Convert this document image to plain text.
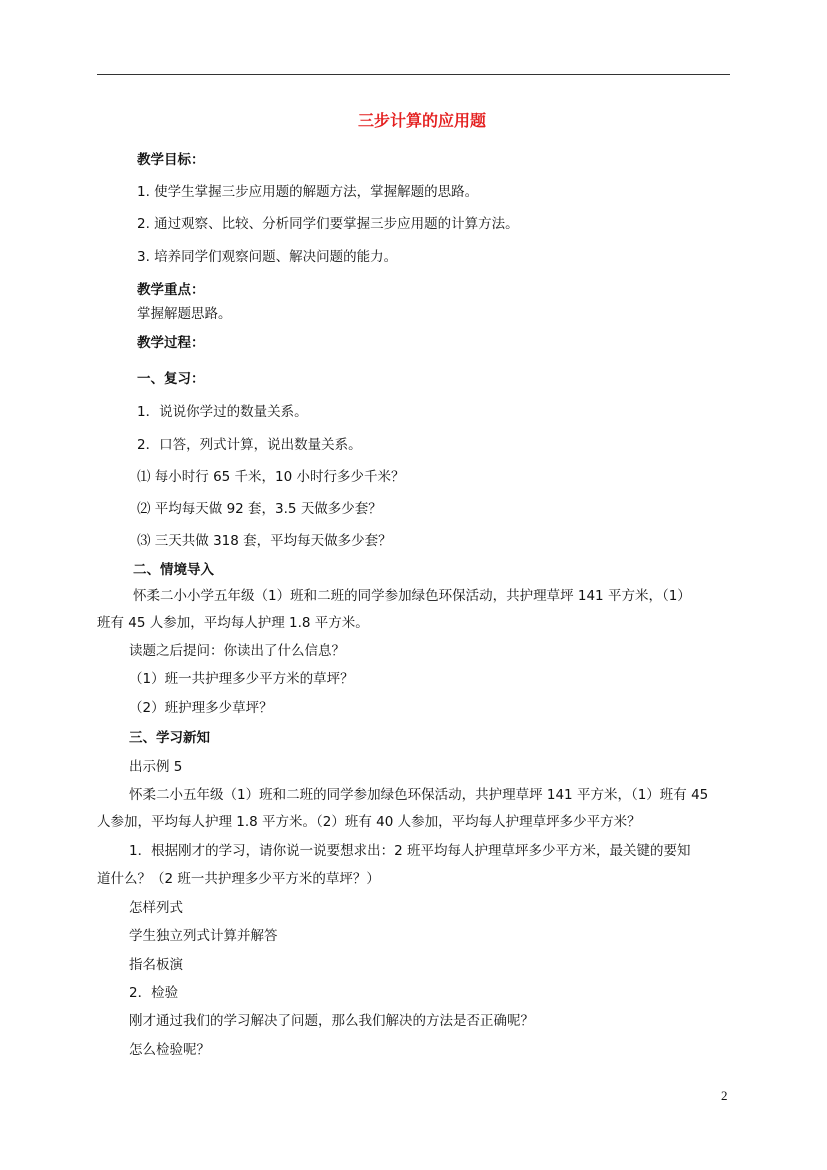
三步计算的应用题
教学目标：
1. 使学生掌握三步应用题的解题方法，掌握解题的思路。
2. 通过观察、比较、分析同学们要掌握三步应用题的计算方法。
3. 培养同学们观察问题、解决问题的能力。
教学重点：
掌握解题思路。
教学过程：
一、复习：
1．说说你学过的数量关系。
2．口答，列式计算，说出数量关系。
⑴ 每小时行 65 千米，10 小时行多少千米？
⑵ 平均每天做 92 套，3.5 天做多少套？
⑶ 三天共做 318 套，平均每天做多少套？
二、情境导入
怀柔二小小学五年级（1）班和二班的同学参加绿色环保活动，共护理草坪 141 平方米，（1）
班有 45 人参加，平均每人护理 1.8 平方米。
读题之后提问：你读出了什么信息？
（1）班一共护理多少平方米的草坪？
（2）班护理多少草坪？
三、学习新知
出示例 5
怀柔二小五年级（1）班和二班的同学参加绿色环保活动，共护理草坪 141 平方米，（1）班有 45
人参加，平均每人护理 1.8 平方米。（2）班有 40 人参加，平均每人护理草坪多少平方米？
1．根据刚才的学习，请你说一说要想求出：2 班平均每人护理草坪多少平方米，最关键的要知
道什么？（2 班一共护理多少平方米的草坪？）
怎样列式
学生独立列式计算并解答
指名板演
2．检验
刚才通过我们的学习解决了问题，那么我们解决的方法是否正确呢？
怎么检验呢？
2
